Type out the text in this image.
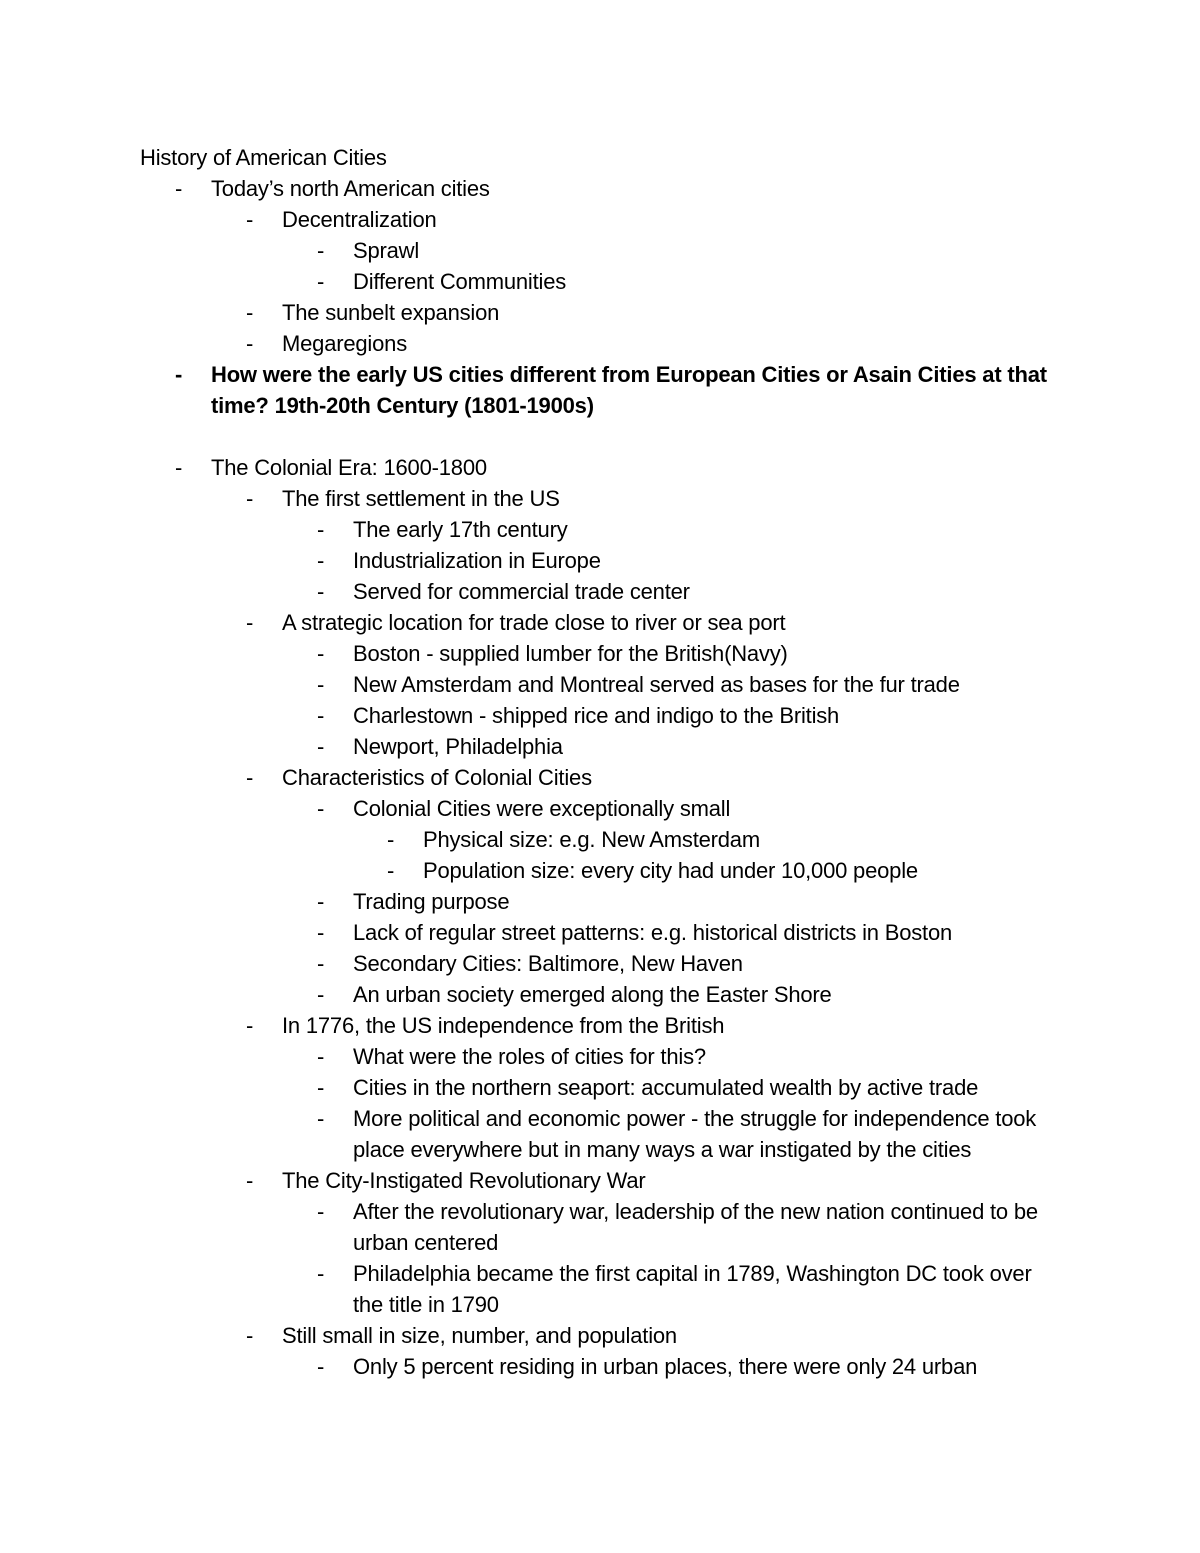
History of American Cities
- Today’s north American cities
- Decentralization
- Sprawl
- Different Communities
- The sunbelt expansion
- Megaregions
- How were the early US cities different from European Cities or Asain Cities at that time? 19th-20th Century (1801-1900s)
- The Colonial Era: 1600-1800
- The first settlement in the US
- The early 17th century
- Industrialization in Europe
- Served for commercial trade center
- A strategic location for trade close to river or sea port
- Boston - supplied lumber for the British(Navy)
- New Amsterdam and Montreal served as bases for the fur trade
- Charlestown - shipped rice and indigo to the British
- Newport, Philadelphia
- Characteristics of Colonial Cities
- Colonial Cities were exceptionally small
- Physical size: e.g. New Amsterdam
- Population size: every city had under 10,000 people
- Trading purpose
- Lack of regular street patterns: e.g. historical districts in Boston
- Secondary Cities: Baltimore, New Haven
- An urban society emerged along the Easter Shore
- In 1776, the US independence from the British
- What were the roles of cities for this?
- Cities in the northern seaport: accumulated wealth by active trade
- More political and economic power - the struggle for independence took place everywhere but in many ways a war instigated by the cities
- The City-Instigated Revolutionary War
- After the revolutionary war, leadership of the new nation continued to be urban centered
- Philadelphia became the first capital in 1789, Washington DC took over the title in 1790
- Still small in size, number, and population
- Only 5 percent residing in urban places, there were only 24 urban
